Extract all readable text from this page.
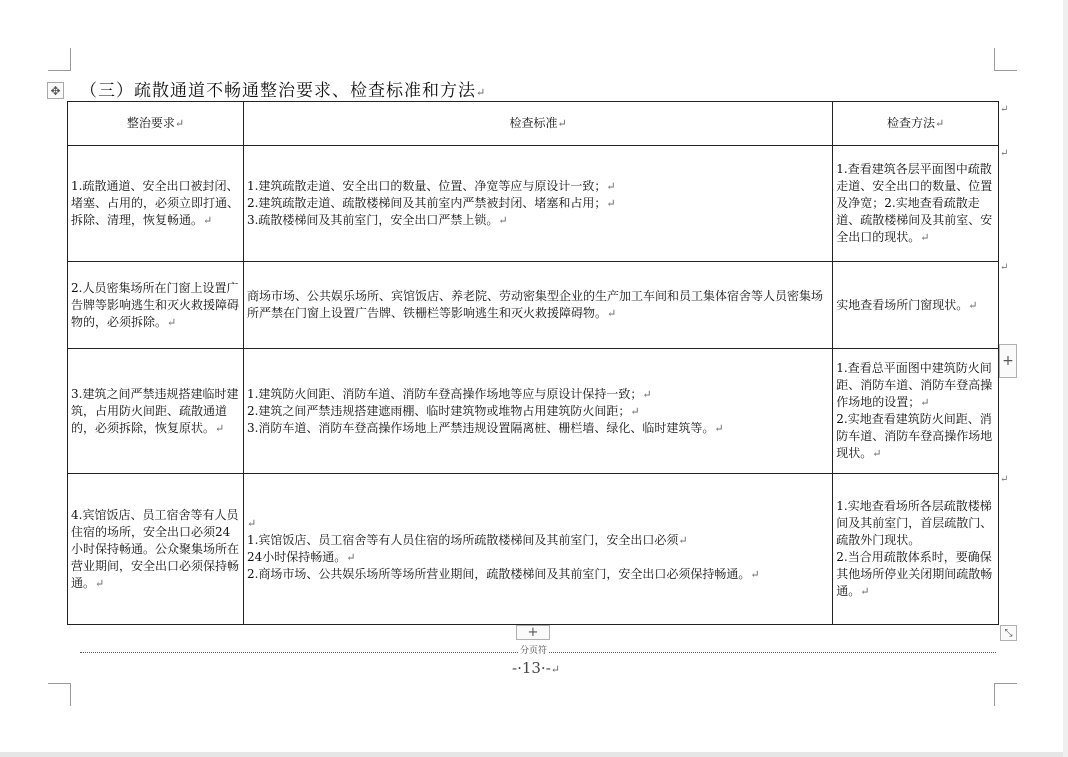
✥ （三）疏散通道不畅通整治要求、检查标准和方法↵
整治要求↵	检查标准↵	检查方法↵
1.疏散通道、安全出口被封闭、堵塞、占用的，必须立即打通、拆除、清理，恢复畅通。↵	1.建筑疏散走道、安全出口的数量、位置、净宽等应与原设计一致；↵
2.建筑疏散走道、疏散楼梯间及其前室内严禁被封闭、堵塞和占用；↵
3.疏散楼梯间及其前室门，安全出口严禁上锁。↵	1.查看建筑各层平面图中疏散走道、安全出口的数量、位置及净宽；2.实地查看疏散走道、疏散楼梯间及其前室、安全出口的现状。↵
2.人员密集场所在门窗上设置广告牌等影响逃生和灭火救援障碍物的，必须拆除。↵	商场市场、公共娱乐场所、宾馆饭店、养老院、劳动密集型企业的生产加工车间和员工集体宿舍等人员密集场所严禁在门窗上设置广告牌、铁栅栏等影响逃生和灭火救援障碍物。↵	实地查看场所门窗现状。↵
3.建筑之间严禁违规搭建临时建筑，占用防火间距、疏散通道的，必须拆除，恢复原状。↵	1.建筑防火间距、消防车道、消防车登高操作场地等应与原设计保持一致；↵
2.建筑之间严禁违规搭建遮雨棚、临时建筑物或堆物占用建筑防火间距；↵
3.消防车道、消防车登高操作场地上严禁违规设置隔离桩、栅栏墙、绿化、临时建筑等。↵	1.查看总平面图中建筑防火间距、消防车道、消防车登高操作场地的设置；↵
2.实地查看建筑防火间距、消防车道、消防车登高操作场地现状。↵

4.宾馆饭店、员工宿舍等有人员住宿的场所，安全出口必须24小时保持畅通。公众聚集场所在营业期间，安全出口必须保持畅通。↵	↵
1.宾馆饭店、员工宿舍等有人员住宿的场所疏散楼梯间及其前室门，安全出口必须↵
24小时保持畅通。↵
2.商场市场、公共娱乐场所等场所营业期间，疏散楼梯间及其前室门，安全出口必须保持畅通。↵	1.实地查看场所各层疏散楼梯间及其前室门，首层疏散门、疏散外门现状。
2.当合用疏散体系时，要确保其他场所停业关闭期间疏散畅通。↵
↵
↵
↵
↵
+
+	⤡
分页符
-·13·-↵
